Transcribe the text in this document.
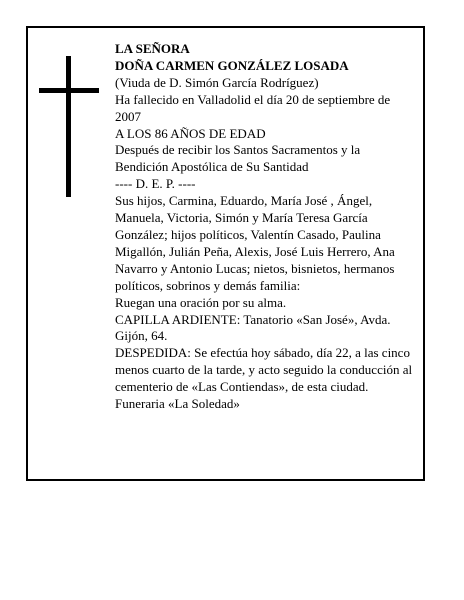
LA SEÑORA

DOÑA CARMEN GONZÁLEZ LOSADA

(Viuda de D. Simón García Rodríguez)

Ha fallecido en Valladolid el día 20 de septiembre de 2007

A LOS 86 AÑOS DE EDAD

Después de recibir los Santos Sacramentos y la Bendición Apostólica de Su Santidad

---- D. E. P. ----

Sus hijos, Carmina, Eduardo, María José , Ángel, Manuela, Victoria, Simón y María Teresa García González; hijos políticos, Valentín Casado, Paulina Migallón, Julián Peña, Alexis, José Luis Herrero, Ana Navarro y Antonio Lucas; nietos, bisnietos, hermanos políticos, sobrinos y demás familia:

Ruegan una oración por su alma.

CAPILLA ARDIENTE: Tanatorio «San José», Avda. Gijón, 64.

DESPEDIDA: Se efectúa hoy sábado, día 22, a las cinco menos cuarto de la tarde, y acto seguido la conducción al cementerio de «Las Contiendas», de esta ciudad.

Funeraria «La Soledad»
